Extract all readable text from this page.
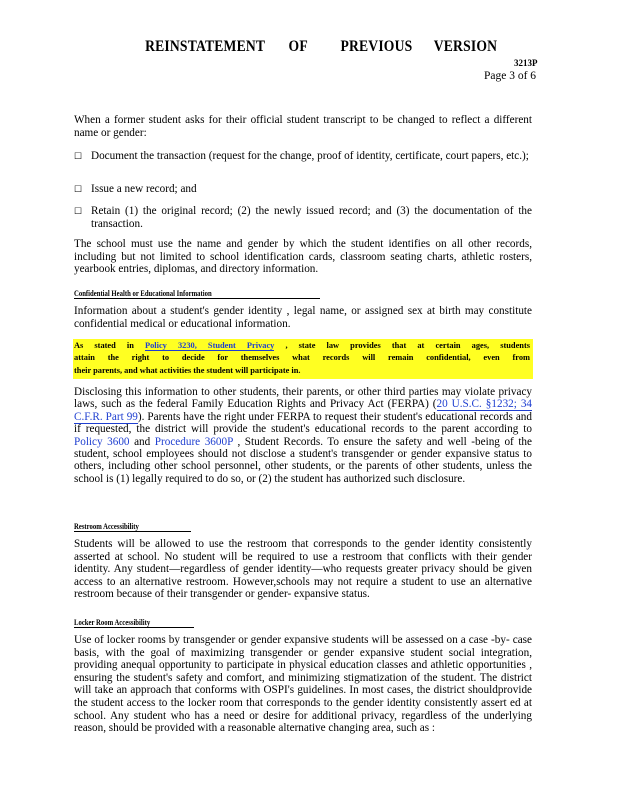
REINSTATEMENT OF PREVIOUS VERSION
3213P
Page 3 of 6
When a former student asks for their official student transcript to be changed to reflect a different name or gender:
☐ Document the transaction (request for the change, proof of identity, certificate, court papers, etc.);
☐ Issue a new record; and
☐ Retain (1) the original record; (2) the newly issued record; and (3) the documentation of the transaction.
The school must use the name and gender by which the student identifies on all other records, including but not limited to school identification cards, classroom seating charts, athletic rosters, yearbook entries, diplomas, and directory information.
Confidential Health or Educational Information
Information about a student's gender identity , legal name, or assigned sex at birth may constitute confidential medical or educational information.
As stated in Policy 3230, Student Privacy , state law provides that at certain ages, students
attain the right to decide for themselves what records will remain confidential, even from
their parents, and what activities the student will participate in.
Disclosing this information to other students, their parents, or other third parties may violate privacy laws, such as the federal Family Education Rights and Privacy Act (FERPA) (20 U.S.C. §1232; 34 C.F.R. Part 99). Parents have the right under FERPA to request their student's educational records and if requested, the district will provide the student's educational records to the parent according to Policy 3600 and Procedure 3600P , Student Records. To ensure the safety and well -being of the student, school employees should not disclose a student's transgender or gender expansive status to others, including other school personnel, other students, or the parents of other students, unless the school is (1) legally required to do so, or (2) the student has authorized such disclosure.
Restroom Accessibility
Students will be allowed to use the restroom that corresponds to the gender identity consistently asserted at school. No student will be required to use a restroom that conflicts with their gender identity. Any student—regardless of gender identity—who requests greater privacy should be given access to an alternative restroom. However,schools may not require a student to use an alternative restroom because of their transgender or gender- expansive status.
Locker Room Accessibility
Use of locker rooms by transgender or gender expansive students will be assessed on a case -by- case basis, with the goal of maximizing transgender or gender expansive student social integration, providing anequal opportunity to participate in physical education classes and athletic opportunities , ensuring the student's safety and comfort, and minimizing stigmatization of the student. The district will take an approach that conforms with OSPI's guidelines. In most cases, the district shouldprovide the student access to the locker room that corresponds to the gender identity consistently assert ed at school. Any student who has a need or desire for additional privacy, regardless of the underlying reason, should be provided with a reasonable alternative changing area, such as :
